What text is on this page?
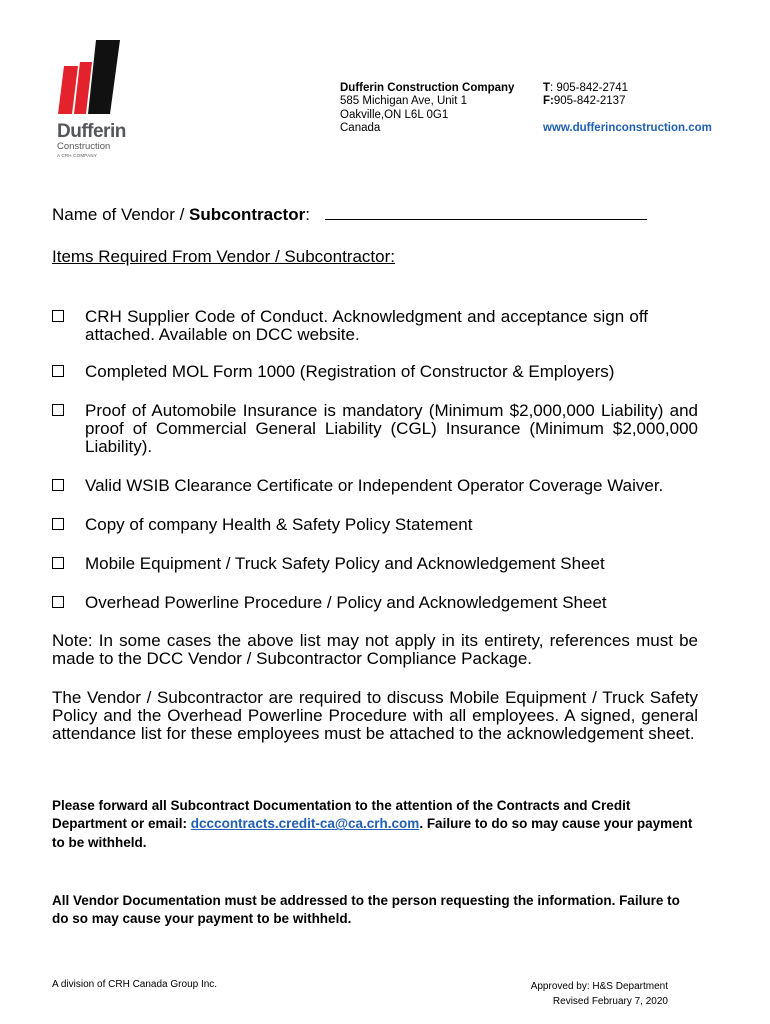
Dufferin
Construction
A CRH COMPANY
Dufferin Construction Company
585 Michigan Ave, Unit 1
Oakville,ON L6L 0G1
Canada
T: 905-842-2741
F:905-842-2137
www.dufferinconstruction.com
Name of Vendor / Subcontractor:
Items Required From Vendor / Subcontractor:
CRH Supplier Code of Conduct. Acknowledgment and acceptance sign off attached. Available on DCC website.
Completed MOL Form 1000 (Registration of Constructor & Employers)
Proof of Automobile Insurance is mandatory (Minimum $2,000,000 Liability) and proof of Commercial General Liability (CGL) Insurance (Minimum $2,000,000 Liability).
Valid WSIB Clearance Certificate or Independent Operator Coverage Waiver.
Copy of company Health & Safety Policy Statement
Mobile Equipment / Truck Safety Policy and Acknowledgement Sheet
Overhead Powerline Procedure / Policy and Acknowledgement Sheet
Note: In some cases the above list may not apply in its entirety, references must be made to the DCC Vendor / Subcontractor Compliance Package.
The Vendor / Subcontractor are required to discuss Mobile Equipment / Truck Safety Policy and the Overhead Powerline Procedure with all employees. A signed, general attendance list for these employees must be attached to the acknowledgement sheet.
Please forward all Subcontract Documentation to the attention of the Contracts and Credit Department or email: dcccontracts.credit-ca@ca.crh.com. Failure to do so may cause your payment to be withheld.
All Vendor Documentation must be addressed to the person requesting the information. Failure to do so may cause your payment to be withheld.
A division of CRH Canada Group Inc.	Approved by: H&S Department
Revised February 7, 2020
